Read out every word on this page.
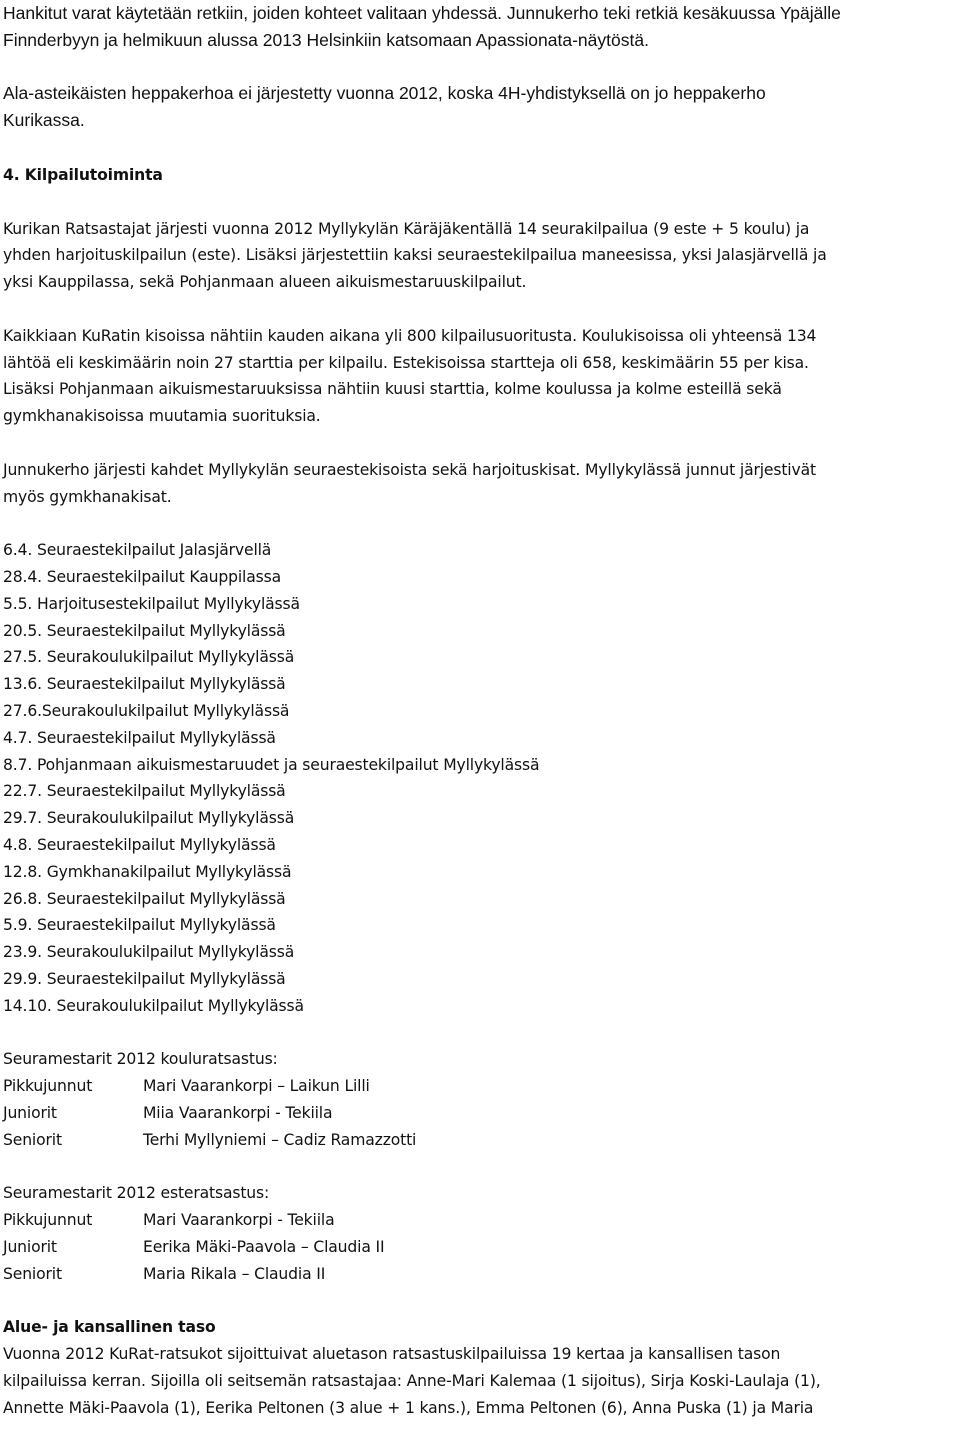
Hankitut varat käytetään retkiin, joiden kohteet valitaan yhdessä. Junnukerho teki retkiä kesäkuussa Ypäjälle
Finnderbyyn ja helmikuun alussa 2013 Helsinkiin katsomaan Apassionata-näytöstä.
Ala-asteikäisten heppakerhoa ei järjestetty vuonna 2012, koska 4H-yhdistyksellä on jo heppakerho
Kurikassa.
4. Kilpailutoiminta
Kurikan Ratsastajat järjesti vuonna 2012 Myllykylän Käräjäkentällä 14 seurakilpailua (9 este + 5 koulu) ja
yhden harjoituskilpailun (este). Lisäksi järjestettiin kaksi seuraestekilpailua maneesissa, yksi Jalasjärvellä ja
yksi Kauppilassa, sekä Pohjanmaan alueen aikuismestaruuskilpailut.
Kaikkiaan KuRatin kisoissa nähtiin kauden aikana yli 800 kilpailusuoritusta. Koulukisoissa oli yhteensä 134
lähtöä eli keskimäärin noin 27 starttia per kilpailu. Estekisoissa startteja oli 658, keskimäärin 55 per kisa.
Lisäksi Pohjanmaan aikuismestaruuksissa nähtiin kuusi starttia, kolme koulussa ja kolme esteillä sekä
gymkhanakisoissa muutamia suorituksia.
Junnukerho järjesti kahdet Myllykylän seuraestekisoista sekä harjoituskisat. Myllykylässä junnut järjestivät
myös gymkhanakisat.
6.4. Seuraestekilpailut Jalasjärvellä
28.4. Seuraestekilpailut Kauppilassa
5.5. Harjoitusestekilpailut Myllykylässä
20.5. Seuraestekilpailut Myllykylässä
27.5. Seurakoulukilpailut Myllykylässä
13.6. Seuraestekilpailut Myllykylässä
27.6.Seurakoulukilpailut Myllykylässä
4.7. Seuraestekilpailut Myllykylässä
8.7. Pohjanmaan aikuismestaruudet ja seuraestekilpailut Myllykylässä
22.7. Seuraestekilpailut Myllykylässä
29.7. Seurakoulukilpailut Myllykylässä
4.8. Seuraestekilpailut Myllykylässä
12.8. Gymkhanakilpailut Myllykylässä
26.8. Seuraestekilpailut Myllykylässä
5.9. Seuraestekilpailut Myllykylässä
23.9. Seurakoulukilpailut Myllykylässä
29.9. Seuraestekilpailut Myllykylässä
14.10. Seurakoulukilpailut Myllykylässä
Seuramestarit 2012 kouluratsastus:
Pikkujunnut	Mari Vaarankorpi – Laikun Lilli
Juniorit	Miia Vaarankorpi - Tekiila
Seniorit	Terhi Myllyniemi – Cadiz Ramazzotti
Seuramestarit 2012 esteratsastus:
Pikkujunnut	Mari Vaarankorpi - Tekiila
Juniorit	Eerika Mäki-Paavola – Claudia II
Seniorit	Maria Rikala – Claudia II
Alue- ja kansallinen taso
Vuonna 2012 KuRat-ratsukot sijoittuivat aluetason ratsastuskilpailuissa 19 kertaa ja kansallisen tason
kilpailuissa kerran. Sijoilla oli seitsemän ratsastajaa: Anne-Mari Kalemaa (1 sijoitus), Sirja Koski-Laulaja (1),
Annette Mäki-Paavola (1), Eerika Peltonen (3 alue + 1 kans.), Emma Peltonen (6), Anna Puska (1) ja Maria
